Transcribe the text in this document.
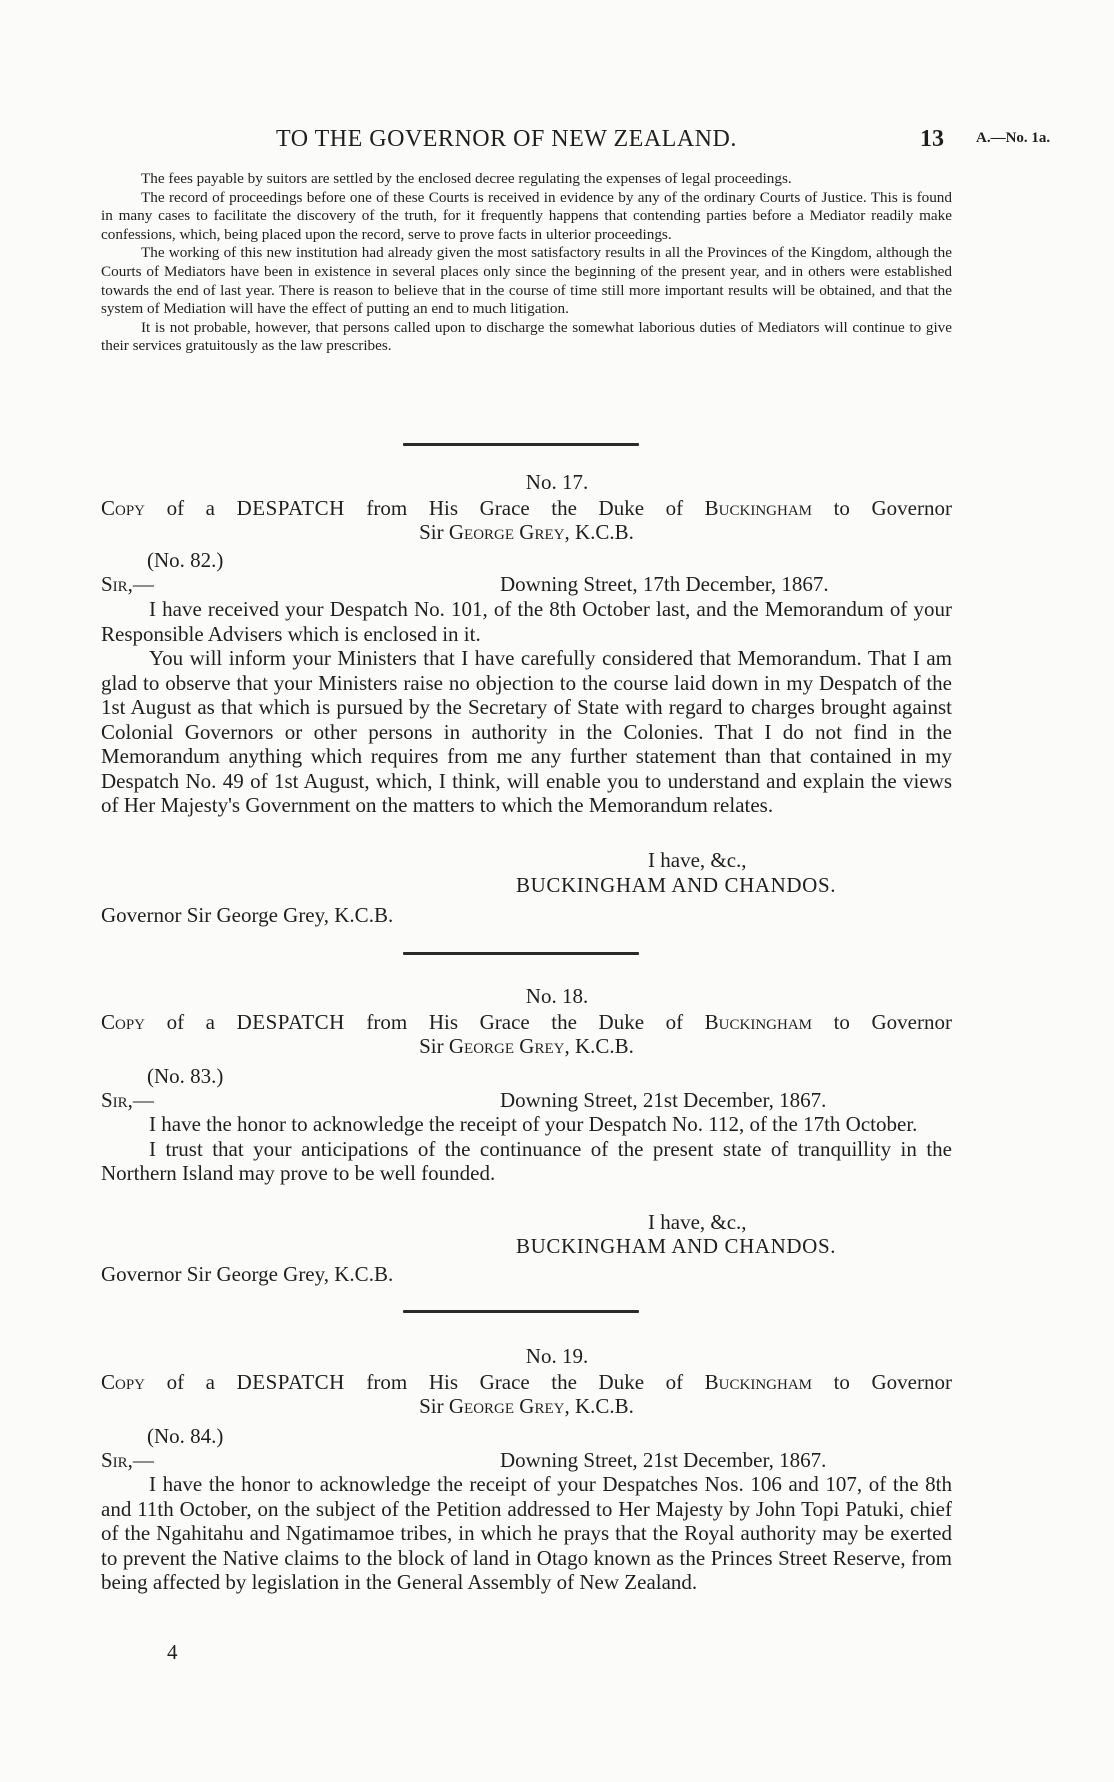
TO THE GOVERNOR OF NEW ZEALAND.	13 A.—No. 1a.

The fees payable by suitors are settled by the enclosed decree regulating the expenses of legal proceedings.

The record of proceedings before one of these Courts is received in evidence by any of the ordinary Courts of Justice. This is found in many cases to facilitate the discovery of the truth, for it frequently happens that contending parties before a Mediator readily make confessions, which, being placed upon the record, serve to prove facts in ulterior proceedings.

The working of this new institution had already given the most satisfactory results in all the Provinces of the Kingdom, although the Courts of Mediators have been in existence in several places only since the beginning of the present year, and in others were established towards the end of last year. There is reason to believe that in the course of time still more important results will be obtained, and that the system of Mediation will have the effect of putting an end to much litigation.

It is not probable, however, that persons called upon to discharge the somewhat laborious duties of Mediators will continue to give their services gratuitously as the law prescribes.

No. 17.
Copy of a DESPATCH from His Grace the Duke of Buckingham to Governor
Sir George Grey, K.C.B.
(No. 82.)
Sir,—	Downing Street, 17th December, 1867.

I have received your Despatch No. 101, of the 8th October last, and the Memorandum of your Responsible Advisers which is enclosed in it.

You will inform your Ministers that I have carefully considered that Memorandum. That I am glad to observe that your Ministers raise no objection to the course laid down in my Despatch of the 1st August as that which is pursued by the Secretary of State with regard to charges brought against Colonial Governors or other persons in authority in the Colonies. That I do not find in the Memorandum anything which requires from me any further statement than that contained in my Despatch No. 49 of 1st August, which, I think, will enable you to understand and explain the views of Her Majesty's Government on the matters to which the Memorandum relates.

I have, &c.,
BUCKINGHAM AND CHANDOS.
Governor Sir George Grey, K.C.B.
No. 18.
Copy of a DESPATCH from His Grace the Duke of Buckingham to Governor
Sir George Grey, K.C.B.
(No. 83.)
Sir,—	Downing Street, 21st December, 1867.

I have the honor to acknowledge the receipt of your Despatch No. 112, of the 17th October.

I trust that your anticipations of the continuance of the present state of tranquillity in the Northern Island may prove to be well founded.

I have, &c.,
BUCKINGHAM AND CHANDOS.
Governor Sir George Grey, K.C.B.
No. 19.
Copy of a DESPATCH from His Grace the Duke of Buckingham to Governor
Sir George Grey, K.C.B.
(No. 84.)
Sir,—	Downing Street, 21st December, 1867.

I have the honor to acknowledge the receipt of your Despatches Nos. 106 and 107, of the 8th and 11th October, on the subject of the Petition addressed to Her Majesty by John Topi Patuki, chief of the Ngahitahu and Ngatimamoe tribes, in which he prays that the Royal authority may be exerted to prevent the Native claims to the block of land in Otago known as the Princes Street Reserve, from being affected by legislation in the General Assembly of New Zealand.

4
